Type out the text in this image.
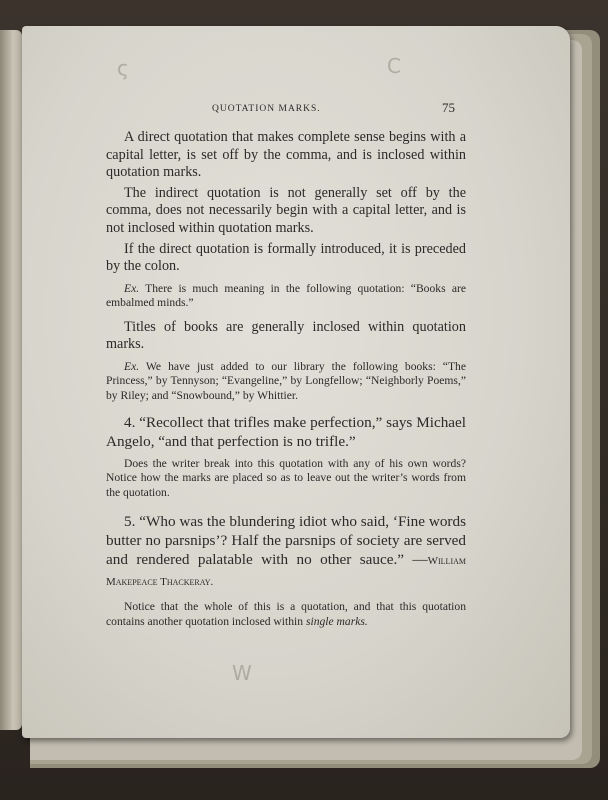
ς	C
W
QUOTATION MARKS.	75

A direct quotation that makes complete sense begins with a capital letter, is set off by the comma, and is inclosed within quotation marks.

The indirect quotation is not generally set off by the comma, does not necessarily begin with a capital letter, and is not inclosed within quotation marks.

If the direct quotation is formally introduced, it is preceded by the colon.

Ex. There is much meaning in the following quotation: “Books are embalmed minds.”

Titles of books are generally inclosed within quotation marks.

Ex. We have just added to our library the following books: “The Princess,” by Tennyson; “Evangeline,” by Longfellow; “Neighborly Poems,” by Riley; and “Snowbound,” by Whittier.

4. “Recollect that trifles make perfection,” says Michael Angelo, “and that perfection is no trifle.”

Does the writer break into this quotation with any of his own words? Notice how the marks are placed so as to leave out the writer’s words from the quotation.

5. “Who was the blundering idiot who said, ‘Fine words butter no parsnips’? Half the parsnips of society are served and rendered palatable with no other sauce.” —William Makepeace Thackeray.

Notice that the whole of this is a quotation, and that this quotation contains another quotation inclosed within single marks.
